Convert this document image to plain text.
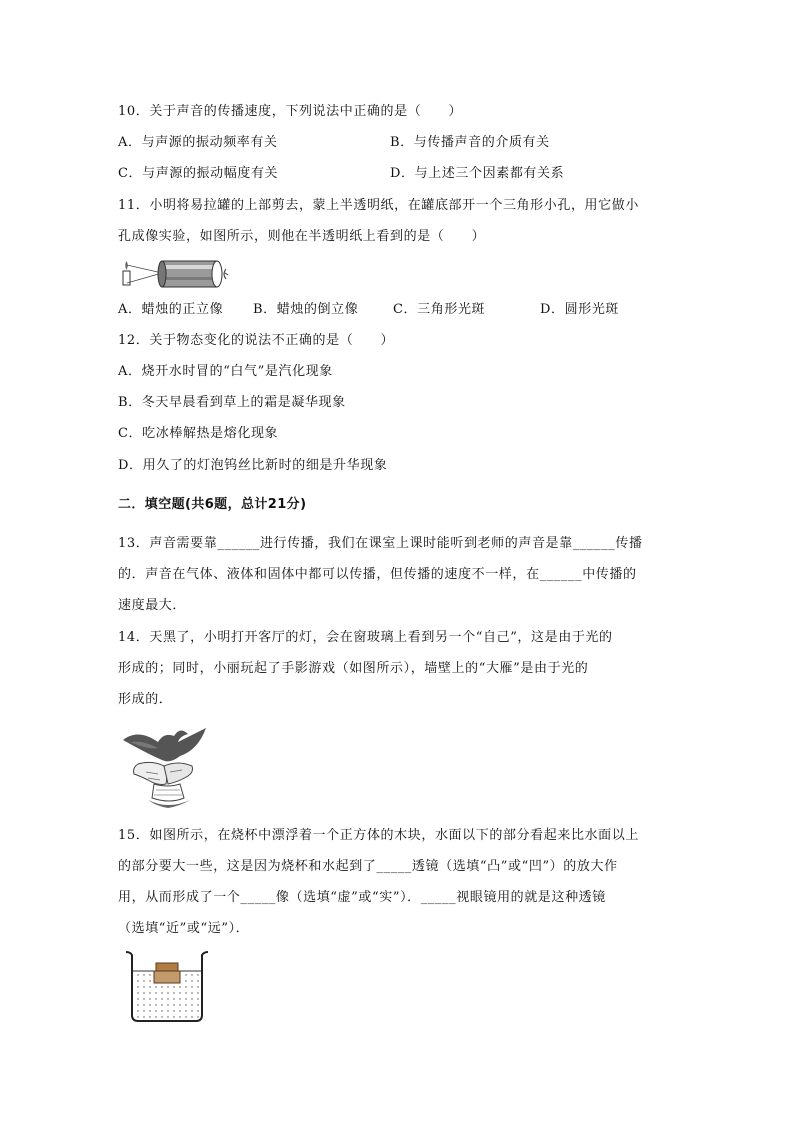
10．关于声音的传播速度，下列说法中正确的是（　　）
A．与声源的振动频率有关	B．与传播声音的介质有关
C．与声源的振动幅度有关	D．与上述三个因素都有关系
11．小明将易拉罐的上部剪去，蒙上半透明纸，在罐底部开一个三角形小孔，用它做小
孔成像实验，如图所示，则他在半透明纸上看到的是（　　）
A．蜡烛的正立像 B．蜡烛的倒立像	C．三角形光斑	D．圆形光斑
12．关于物态变化的说法不正确的是（　　）
A．烧开水时冒的“白气”是汽化现象
B．冬天早晨看到草上的霜是凝华现象
C．吃冰棒解热是熔化现象
D．用久了的灯泡钨丝比新时的细是升华现象
二．填空题(共6题，总计21分)
13．声音需要靠______进行传播，我们在课室上课时能听到老师的声音是靠______传播
的．声音在气体、液体和固体中都可以传播，但传播的速度不一样，在______中传播的
速度最大．
14．天黑了，小明打开客厅的灯，会在窗玻璃上看到另一个“自己”，这是由于光的
形成的；同时，小丽玩起了手影游戏（如图所示），墙壁上的“大雁”是由于光的
形成的．
15．如图所示，在烧杯中漂浮着一个正方体的木块，水面以下的部分看起来比水面以上
的部分要大一些，这是因为烧杯和水起到了_____透镜（选填“凸”或“凹”）的放大作
用，从而形成了一个_____像（选填“虚”或“实”）．_____视眼镜用的就是这种透镜
（选填“近”或“远”）．
